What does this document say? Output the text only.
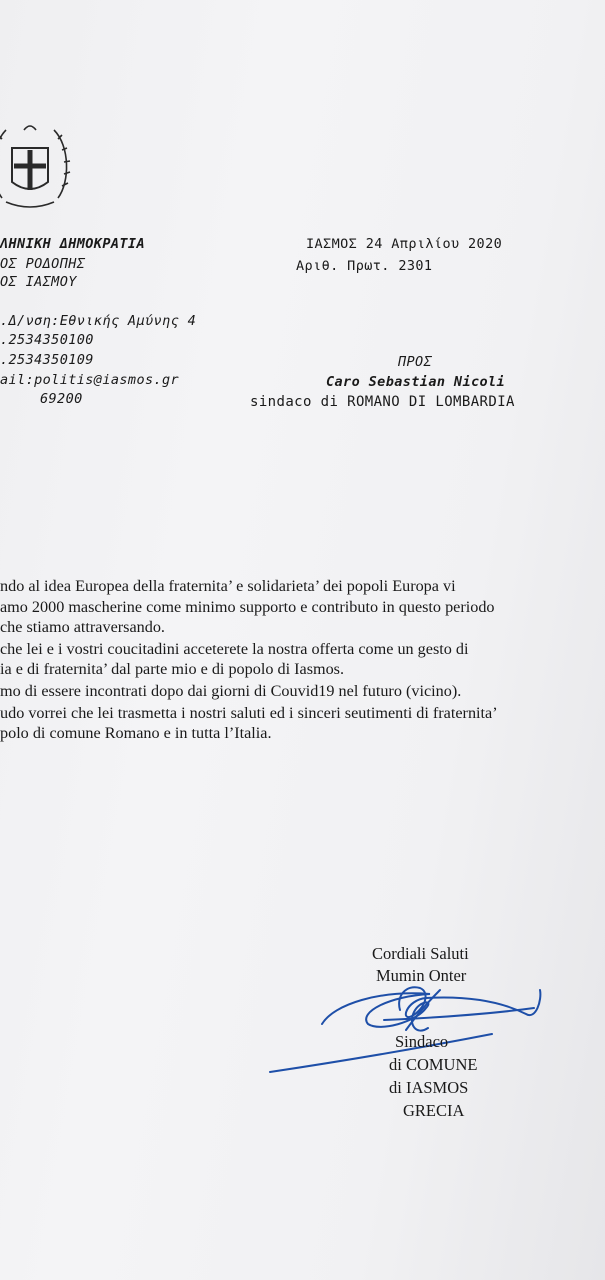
ΛΗΝΙΚΗ ΔΗΜΟΚΡΑΤΙΑ
ΟΣ ΡΟΔΟΠΗΣ
ΟΣ ΙΑΣΜΟΥ
ΙΑΣΜΟΣ 24 Απριλίου 2020
Αριθ. Πρωτ. 2301
.Δ/νση:Εθνικής Αμύνης 4
.2534350100
.2534350109
ail:politis@iasmos.gr
69200
ΠΡΟΣ
Caro Sebastian Nicoli
sindaco di ROMANO DI LOMBARDIA
ndo al idea Europea della fraternita’ e solidarieta’ dei popoli Europa vi
amo 2000 mascherine come minimo supporto e contributo in questo periodo
che stiamo attraversando.
che lei e i vostri coucitadini acceterete la nostra offerta come un gesto di
ia e di fraternita’ dal parte mio e di popolo di Iasmos.
mo di essere incontrati dopo dai giorni di Couvid19 nel futuro (vicino).
udo vorrei che lei trasmetta i nostri saluti ed i sinceri seutimenti di fraternita’
polo di comune Romano e in tutta l’Italia.
Cordiali Saluti
Mumin Onter
Sindaco
di COMUNE
di IASMOS
GRECIA
